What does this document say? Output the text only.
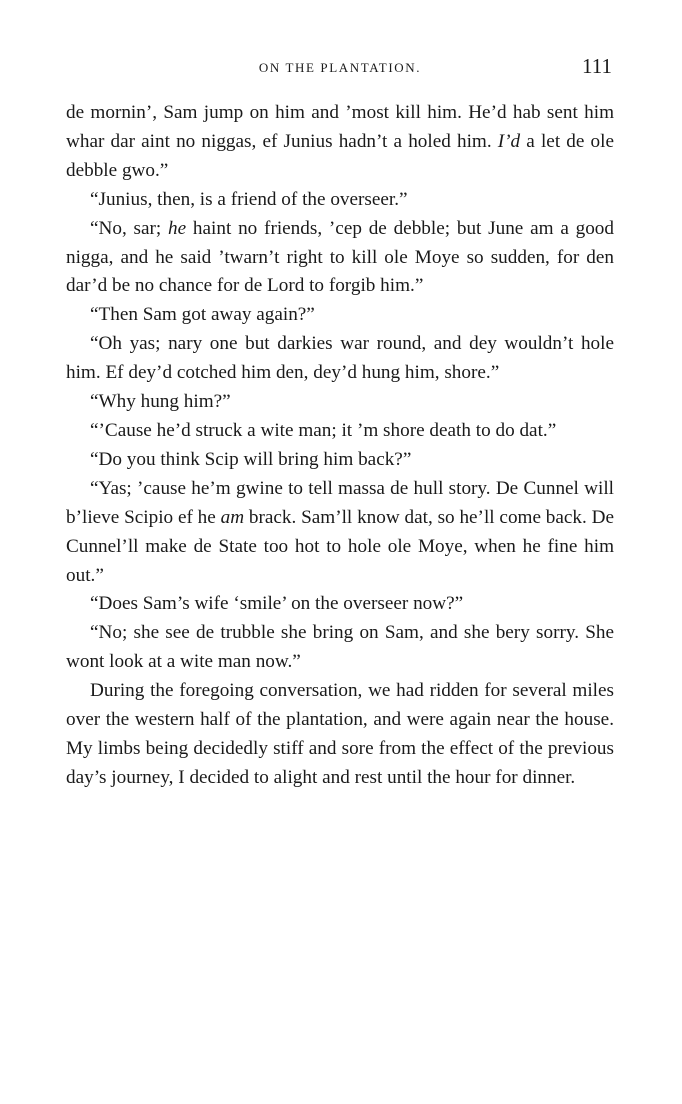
ON THE PLANTATION.	111

de mornin’, Sam jump on him and ’most kill him. He’d hab sent him whar dar aint no niggas, ef Junius hadn’t a holed him. I’d a let de ole debble gwo.”

“Junius, then, is a friend of the overseer.”

“No, sar; he haint no friends, ’cep de debble; but June am a good nigga, and he said ’twarn’t right to kill ole Moye so sudden, for den dar’d be no chance for de Lord to forgib him.”

“Then Sam got away again?”

“Oh yas; nary one but darkies war round, and dey wouldn’t hole him. Ef dey’d cotched him den, dey’d hung him, shore.”

“Why hung him?”

“’Cause he’d struck a wite man; it ’m shore death to do dat.”

“Do you think Scip will bring him back?”

“Yas; ’cause he’m gwine to tell massa de hull story. De Cunnel will b’lieve Scipio ef he am brack. Sam’ll know dat, so he’ll come back. De Cunnel’ll make de State too hot to hole ole Moye, when he fine him out.”

“Does Sam’s wife ‘smile’ on the overseer now?”

“No; she see de trubble she bring on Sam, and she bery sorry. She wont look at a wite man now.”

During the foregoing conversation, we had ridden for several miles over the western half of the plantation, and were again near the house. My limbs being decidedly stiff and sore from the effect of the previous day’s journey, I decided to alight and rest until the hour for dinner.
